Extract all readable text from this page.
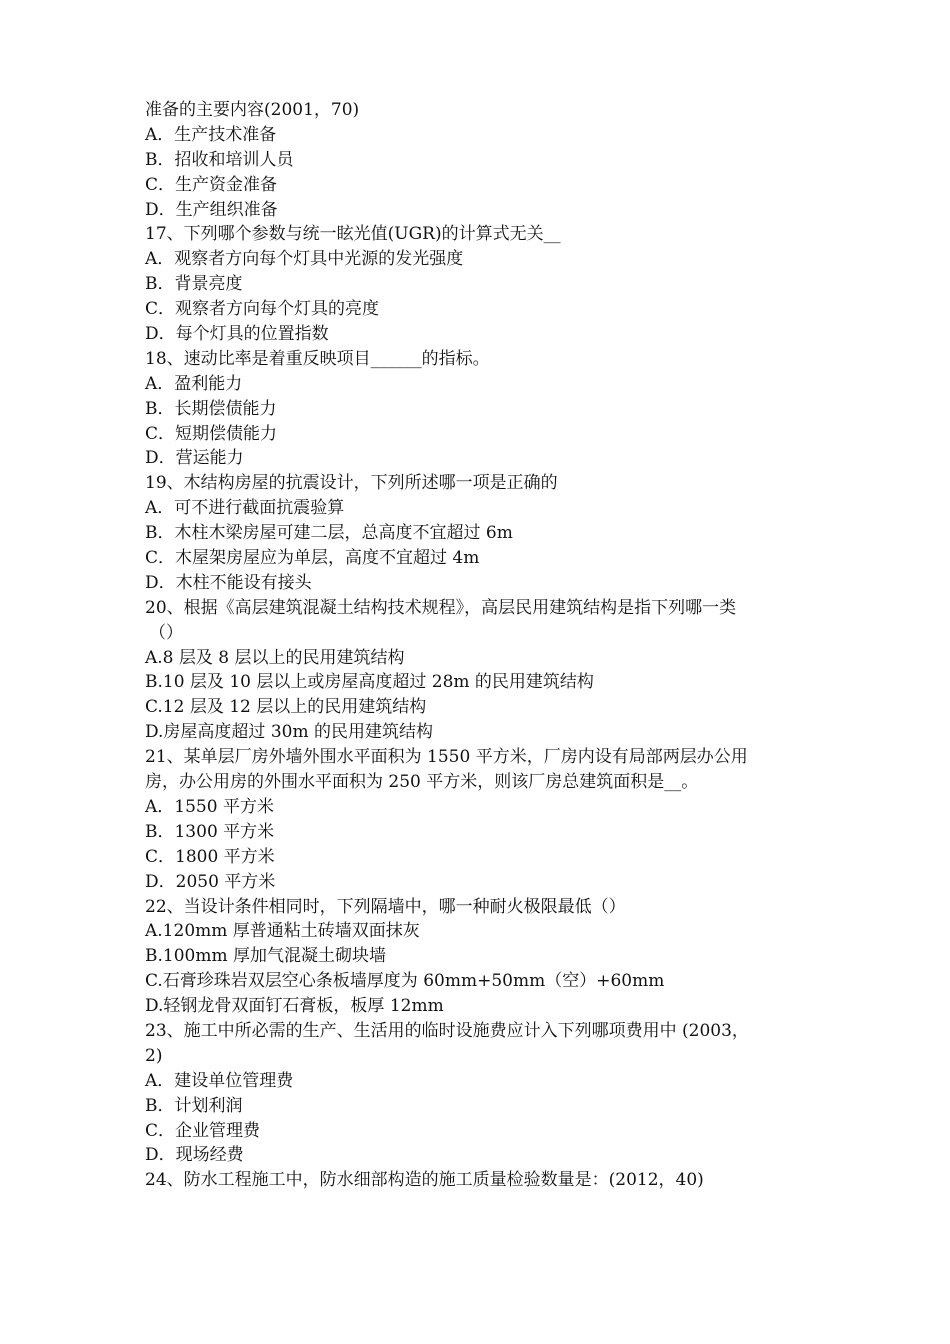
准备的主要内容(2001，70)
A．生产技术准备
B．招收和培训人员
C．生产资金准备
D．生产组织准备
17、下列哪个参数与统一眩光值(UGR)的计算式无关__
A．观察者方向每个灯具中光源的发光强度
B．背景亮度
C．观察者方向每个灯具的亮度
D．每个灯具的位置指数
18、速动比率是着重反映项目______的指标。
A．盈利能力
B．长期偿债能力
C．短期偿债能力
D．营运能力
19、木结构房屋的抗震设计，下列所述哪一项是正确的
A．可不进行截面抗震验算
B．木柱木梁房屋可建二层，总高度不宜超过 6m
C．木屋架房屋应为单层，高度不宜超过 4m
D．木柱不能设有接头
20、根据《高层建筑混凝土结构技术规程》，高层民用建筑结构是指下列哪一类
（）
A.8 层及 8 层以上的民用建筑结构
B.10 层及 10 层以上或房屋高度超过 28m 的民用建筑结构
C.12 层及 12 层以上的民用建筑结构
D.房屋高度超过 30m 的民用建筑结构
21、某单层厂房外墙外围水平面积为 1550 平方米，厂房内设有局部两层办公用
房，办公用房的外围水平面积为 250 平方米，则该厂房总建筑面积是__。
A．1550 平方米
B．1300 平方米
C．1800 平方米
D．2050 平方米
22、当设计条件相同时，下列隔墙中，哪一种耐火极限最低（）
A.120mm 厚普通粘土砖墙双面抹灰
B.100mm 厚加气混凝土砌块墙
C.石膏珍珠岩双层空心条板墙厚度为 60mm+50mm（空）+60mm
D.轻钢龙骨双面钉石膏板，板厚 12mm
23、施工中所必需的生产、生活用的临时设施费应计入下列哪项费用中 (2003，
2)
A．建设单位管理费
B．计划利润
C．企业管理费
D．现场经费
24、防水工程施工中，防水细部构造的施工质量检验数量是：(2012，40)
